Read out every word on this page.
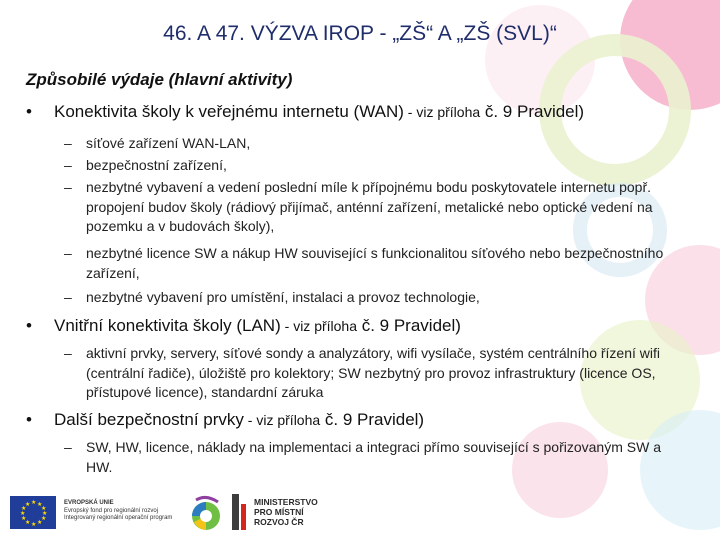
46. A 47. VÝZVA IROP - „ZŠ“ A „ZŠ (SVL)“
Způsobilé výdaje (hlavní aktivity)
• Konektivita školy k veřejnému internetu (WAN) - viz příloha č. 9 Pravidel)
– síťové zařízení WAN-LAN,
– bezpečnostní zařízení,
– nezbytné vybavení a vedení poslední míle k přípojnému bodu poskytovatele internetu popř. propojení budov školy (rádiový přijímač, anténní zařízení, metalické nebo optické vedení na pozemku a v budovách školy),
– nezbytné licence SW a nákup HW související s funkcionalitou síťového nebo bezpečnostního zařízení,
– nezbytné vybavení pro umístění, instalaci a provoz technologie,
• Vnitřní konektivita školy (LAN) - viz příloha č. 9 Pravidel)
– aktivní prvky, servery, síťové sondy a analyzátory, wifi vysílače, systém centrálního řízení wifi (centrální řadiče), úložiště pro kolektory; SW nezbytný pro provoz infrastruktury (licence OS, přístupové licence), standardní záruka
• Další bezpečnostní prvky - viz příloha č. 9 Pravidel)
– SW, HW, licence, náklady na implementaci a integraci přímo související s pořizovaným SW a HW.
★ ★
★
★
★
★
★
★
★
★
★
★	EVROPSKÁ UNIE
Evropský fond pro regionální rozvoj
Integrovaný regionální operační program
MINISTERSTVO
PRO MÍSTNÍ
ROZVOJ ČR
